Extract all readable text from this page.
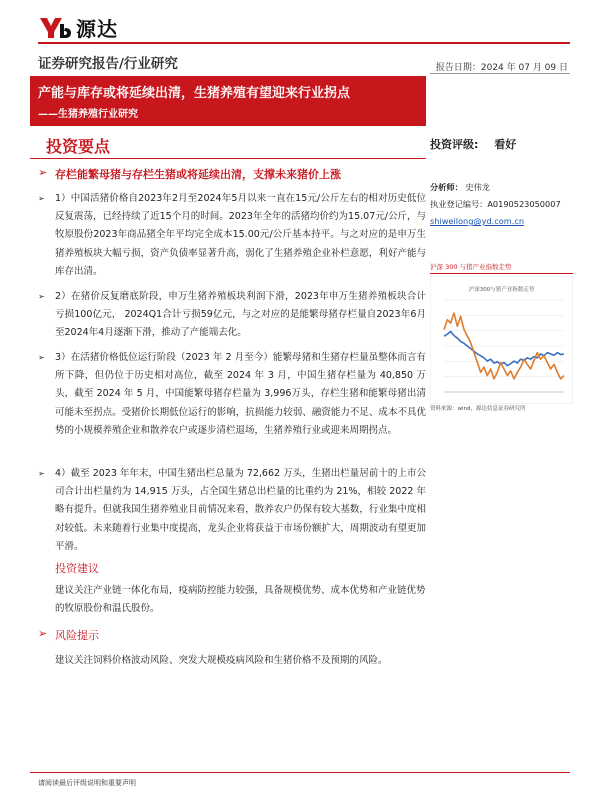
源达
证券研究报告/行业研究	报告日期：2024 年 07 月 09 日
产能与库存或将延续出清，生猪养殖有望迎来行业拐点
——生猪养殖行业研究
投资要点
➢ 存栏能繁母猪与存栏生猪或将延续出清，支撑未来猪价上涨
➢	1）中国活猪价格自2023年2月至2024年5月以来一直在15元/公斤左右的相对历史低位反复震荡，已经持续了近15个月的时间。2023年全年的活猪均价约为15.07元/公斤，与牧原股份2023年商品猪全年平均完全成本15.00元/公斤基本持平。与之对应的是申万生猪养殖板块大幅亏损，资产负债率显著升高，弱化了生猪养殖企业补栏意愿，利好产能与库存出清。
➢	2）在猪价反复磨底阶段，申万生猪养殖板块利润下滑，2023年申万生猪养殖板块合计亏损100亿元， 2024Q1合计亏损59亿元，与之对应的是能繁母猪存栏量自2023年6月至2024年4月逐渐下滑，推动了产能端去化。
➢	3）在活猪价格低位运行阶段（2023 年 2 月至今）能繁母猪和生猪存栏量虽整体而言有所下降，但仍位于历史相对高位，截至 2024 年 3 月，中国生猪存栏量为 40,850 万头，截至 2024 年 5 月，中国能繁母猪存栏量为 3,996万头，存栏生猪和能繁母猪出清可能未至拐点。受猪价长期低位运行的影响，抗损能力较弱、融资能力不足、成本不具优势的小规模养殖企业和散养农户或逐步清栏退场，生猪养殖行业或迎来周期拐点。
➢	4）截至 2023 年年末，中国生猪出栏总量为 72,662 万头，生猪出栏量居前十的上市公司合计出栏量约为 14,915 万头，占全国生猪总出栏量的比重约为 21%，相较 2022 年略有提升。但就我国生猪养殖业目前情况来看，散养农户仍保有较大基数，行业集中度相对较低。未来随着行业集中度提高，龙头企业将获益于市场份额扩大，周期波动有望更加平滑。
投资建议
建议关注产业链一体化布局，疫病防控能力较强，具备规模优势、成本优势和产业链优势的牧原股份和温氏股份。
➢ 风险提示
建议关注饲料价格波动风险、突发大规模疫病风险和生猪价格不及预期的风险。
投资评级: 看好
分析师： 史伟龙
执业登记编号：A0190523050007
shiweilong@yd.com.cn
沪深 300 与猪产业指数走势
沪深300与猪产业指数走势
资料来源：wind，源达信息证券研究所
请阅读最后评级说明和重要声明
